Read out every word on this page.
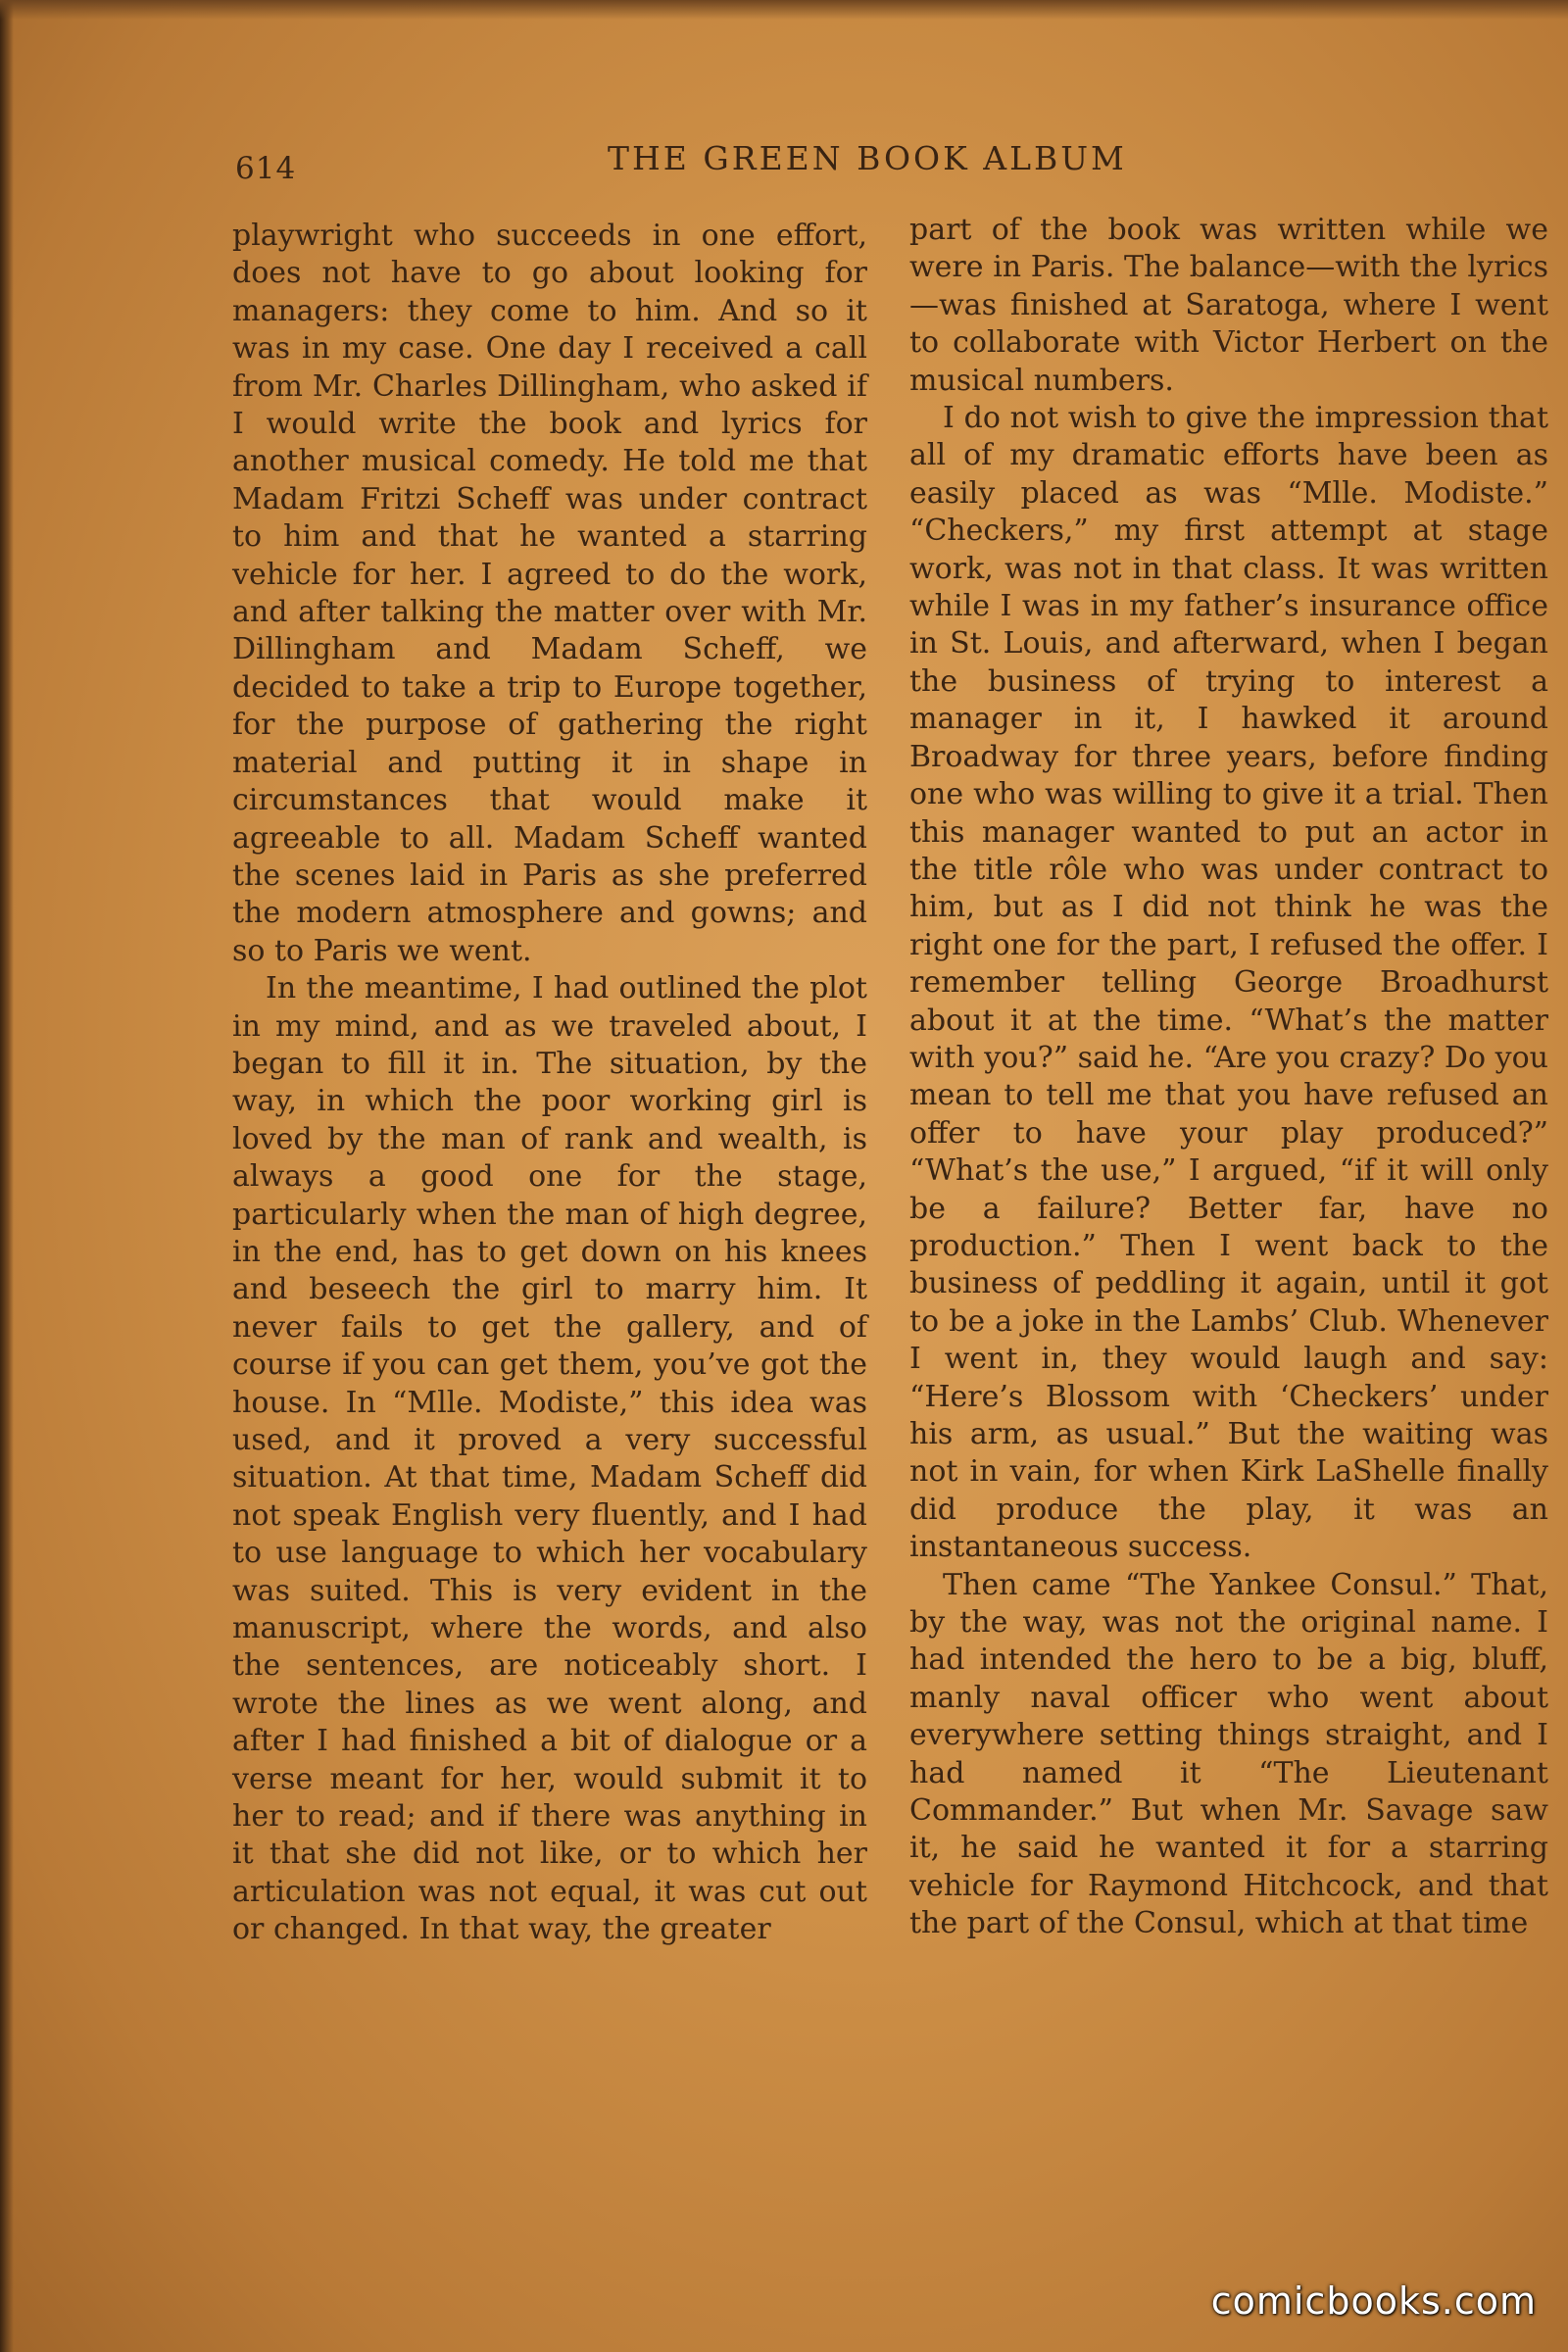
614	THE GREEN BOOK ALBUM

playwright who succeeds in one effort, does not have to go about looking for managers: they come to him. And so it was in my case. One day I received a call from Mr. Charles Dillingham, who asked if I would write the book and lyrics for another musical comedy. He told me that Madam Fritzi Scheff was under contract to him and that he wanted a starring vehicle for her. I agreed to do the work, and after talking the matter over with Mr. Dillingham and Madam Scheff, we decided to take a trip to Europe together, for the purpose of gathering the right material and putting it in shape in circumstances that would make it agreeable to all. Madam Scheff wanted the scenes laid in Paris as she preferred the modern atmosphere and gowns; and so to Paris we went.

In the meantime, I had outlined the plot in my mind, and as we traveled about, I began to fill it in. The situation, by the way, in which the poor working girl is loved by the man of rank and wealth, is always a good one for the stage, particularly when the man of high degree, in the end, has to get down on his knees and beseech the girl to marry him. It never fails to get the gallery, and of course if you can get them, you’ve got the house. In “Mlle. Modiste,” this idea was used, and it proved a very successful situation. At that time, Madam Scheff did not speak English very fluently, and I had to use language to which her vocabulary was suited. This is very evident in the manuscript, where the words, and also the sentences, are noticeably short. I wrote the lines as we went along, and after I had finished a bit of dialogue or a verse meant for her, would submit it to her to read; and if there was anything in it that she did not like, or to which her articulation was not equal, it was cut out or changed. In that way, the greater

part of the book was written while we were in Paris. The balance—with the lyrics—was finished at Saratoga, where I went to collaborate with Victor Herbert on the musical numbers.

I do not wish to give the impression that all of my dramatic efforts have been as easily placed as was “Mlle. Modiste.” “Checkers,” my first attempt at stage work, was not in that class. It was written while I was in my father’s insurance office in St. Louis, and afterward, when I began the business of trying to interest a manager in it, I hawked it around Broadway for three years, before finding one who was willing to give it a trial. Then this manager wanted to put an actor in the title rôle who was under contract to him, but as I did not think he was the right one for the part, I refused the offer. I remember telling George Broadhurst about it at the time. “What’s the matter with you?” said he. “Are you crazy? Do you mean to tell me that you have refused an offer to have your play produced?” “What’s the use,” I argued, “if it will only be a failure? Better far, have no production.” Then I went back to the business of peddling it again, until it got to be a joke in the Lambs’ Club. Whenever I went in, they would laugh and say: “Here’s Blossom with ‘Checkers’ under his arm, as usual.” But the waiting was not in vain, for when Kirk LaShelle finally did produce the play, it was an instantaneous success.

Then came “The Yankee Consul.” That, by the way, was not the original name. I had intended the hero to be a big, bluff, manly naval officer who went about everywhere setting things straight, and I had named it “The Lieutenant Commander.” But when Mr. Savage saw it, he said he wanted it for a starring vehicle for Raymond Hitchcock, and that the part of the Consul, which at that time

comicbooks.com
